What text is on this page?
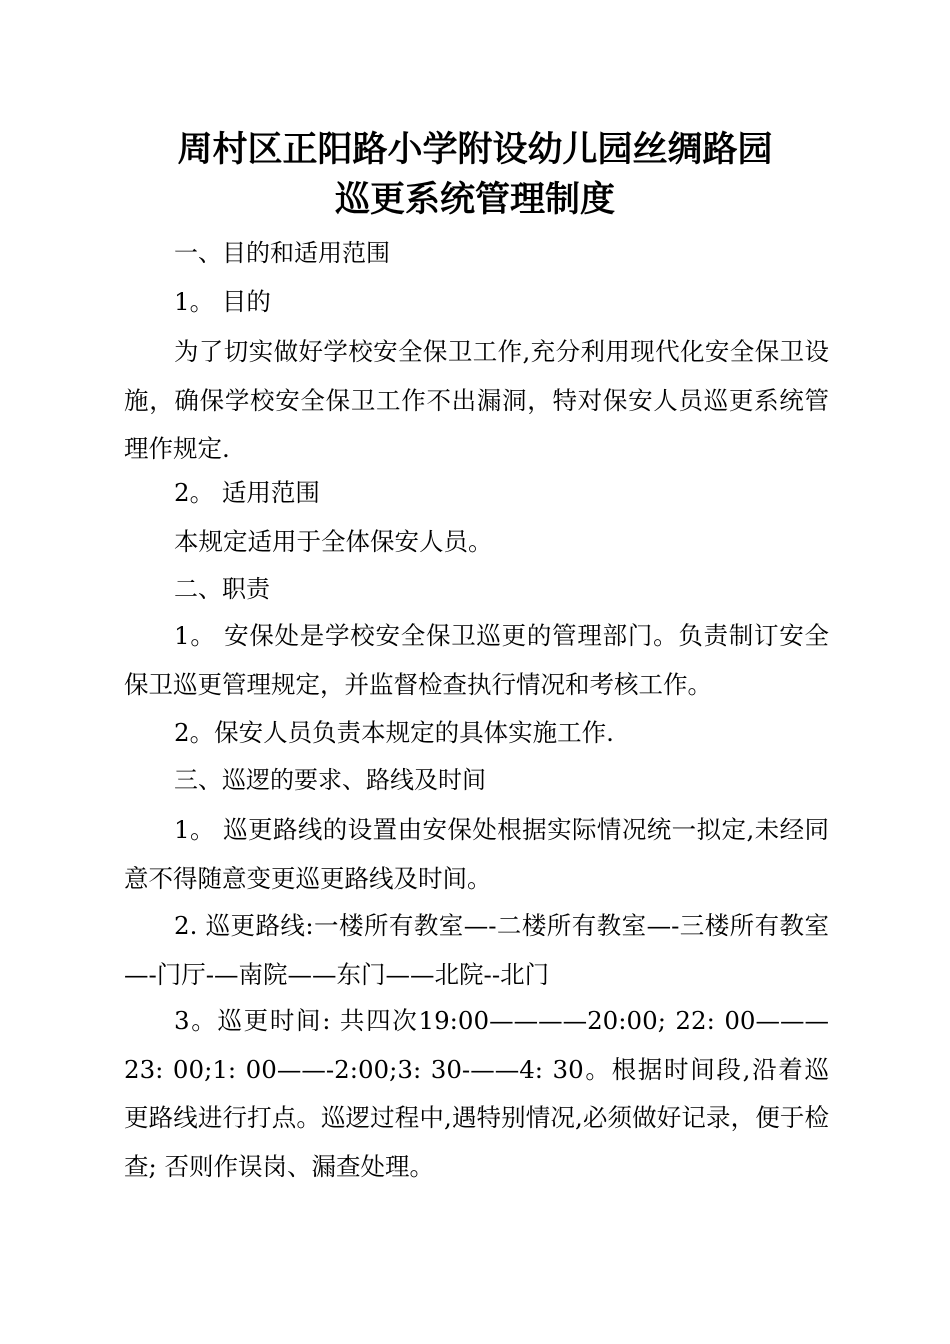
周村区正阳路小学附设幼儿园丝绸路园
巡更系统管理制度
一、目的和适用范围
1。 目的
为了切实做好学校安全保卫工作,充分利用现代化安全保卫设施，确保学校安全保卫工作不出漏洞，特对保安人员巡更系统管理作规定.
2。 适用范围
本规定适用于全体保安人员。
二、职责
1。 安保处是学校安全保卫巡更的管理部门。负责制订安全保卫巡更管理规定，并监督检查执行情况和考核工作。
2。保安人员负责本规定的具体实施工作.
三、巡逻的要求、路线及时间
1。 巡更路线的设置由安保处根据实际情况统一拟定,未经同意不得随意变更巡更路线及时间。
2. 巡更路线:一楼所有教室—-二楼所有教室—-三楼所有教室—-门厅-—南院——东门——北院--北门
3。巡更时间: 共四次19:00————20:00; 22: 00———23: 00;1: 00——-2:00;3: 30-——4: 30。根据时间段,沿着巡更路线进行打点。巡逻过程中,遇特别情况,必须做好记录，便于检查; 否则作误岗、漏查处理。
